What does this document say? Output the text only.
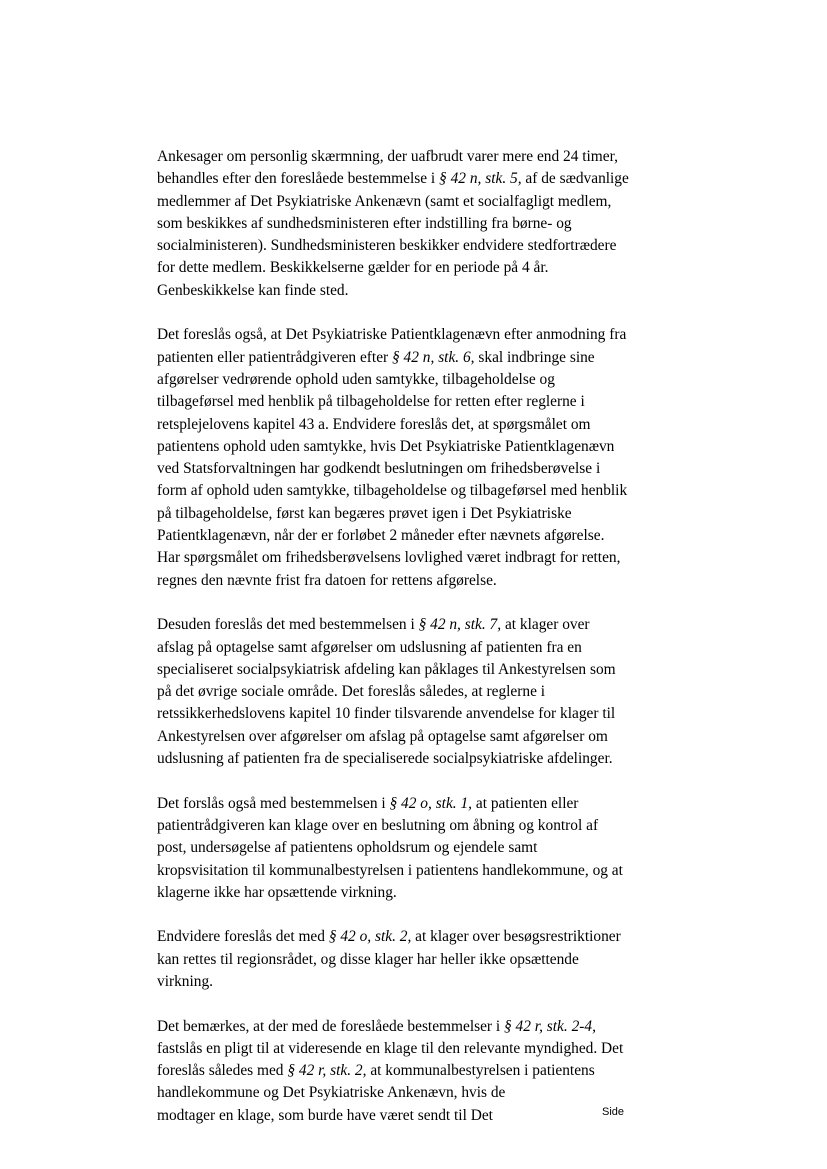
Ankesager om personlig skærmning, der uafbrudt varer mere end 24 timer,
behandles efter den foreslåede bestemmelse i § 42 n, stk. 5, af de sædvanlige
medlemmer af Det Psykiatriske Ankenævn (samt et socialfagligt medlem,
som beskikkes af sundhedsministeren efter indstilling fra børne- og
socialministeren). Sundhedsministeren beskikker endvidere stedfortrædere
for dette medlem. Beskikkelserne gælder for en periode på 4 år.
Genbeskikkelse kan finde sted.

Det foreslås også, at Det Psykiatriske Patientklagenævn efter anmodning fra
patienten eller patientrådgiveren efter § 42 n, stk. 6, skal indbringe sine
afgørelser vedrørende ophold uden samtykke, tilbageholdelse og
tilbageførsel med henblik på tilbageholdelse for retten efter reglerne i
retsplejelovens kapitel 43 a. Endvidere foreslås det, at spørgsmålet om
patientens ophold uden samtykke, hvis Det Psykiatriske Patientklagenævn
ved Statsforvaltningen har godkendt beslutningen om frihedsberøvelse i
form af ophold uden samtykke, tilbageholdelse og tilbageførsel med henblik
på tilbageholdelse, først kan begæres prøvet igen i Det Psykiatriske
Patientklagenævn, når der er forløbet 2 måneder efter nævnets afgørelse.
Har spørgsmålet om frihedsberøvelsens lovlighed været indbragt for retten,
regnes den nævnte frist fra datoen for rettens afgørelse.

Desuden foreslås det med bestemmelsen i § 42 n, stk. 7, at klager over
afslag på optagelse samt afgørelser om udslusning af patienten fra en
specialiseret socialpsykiatrisk afdeling kan påklages til Ankestyrelsen som
på det øvrige sociale område. Det foreslås således, at reglerne i
retssikkerhedslovens kapitel 10 finder tilsvarende anvendelse for klager til
Ankestyrelsen over afgørelser om afslag på optagelse samt afgørelser om
udslusning af patienten fra de specialiserede socialpsykiatriske afdelinger.

Det forslås også med bestemmelsen i § 42 o, stk. 1, at patienten eller
patientrådgiveren kan klage over en beslutning om åbning og kontrol af
post, undersøgelse af patientens opholdsrum og ejendele samt
kropsvisitation til kommunalbestyrelsen i patientens handlekommune, og at
klagerne ikke har opsættende virkning.

Endvidere foreslås det med § 42 o, stk. 2, at klager over besøgsrestriktioner
kan rettes til regionsrådet, og disse klager har heller ikke opsættende
virkning.

Det bemærkes, at der med de foreslåede bestemmelser i § 42 r, stk. 2-4,
fastslås en pligt til at videresende en klage til den relevante myndighed. Det
foreslås således med § 42 r, stk. 2, at kommunalbestyrelsen i patientens
handlekommune og Det Psykiatriske Ankenævn, hvis de
modtager en klage, som burde have været sendt til Det	Side
